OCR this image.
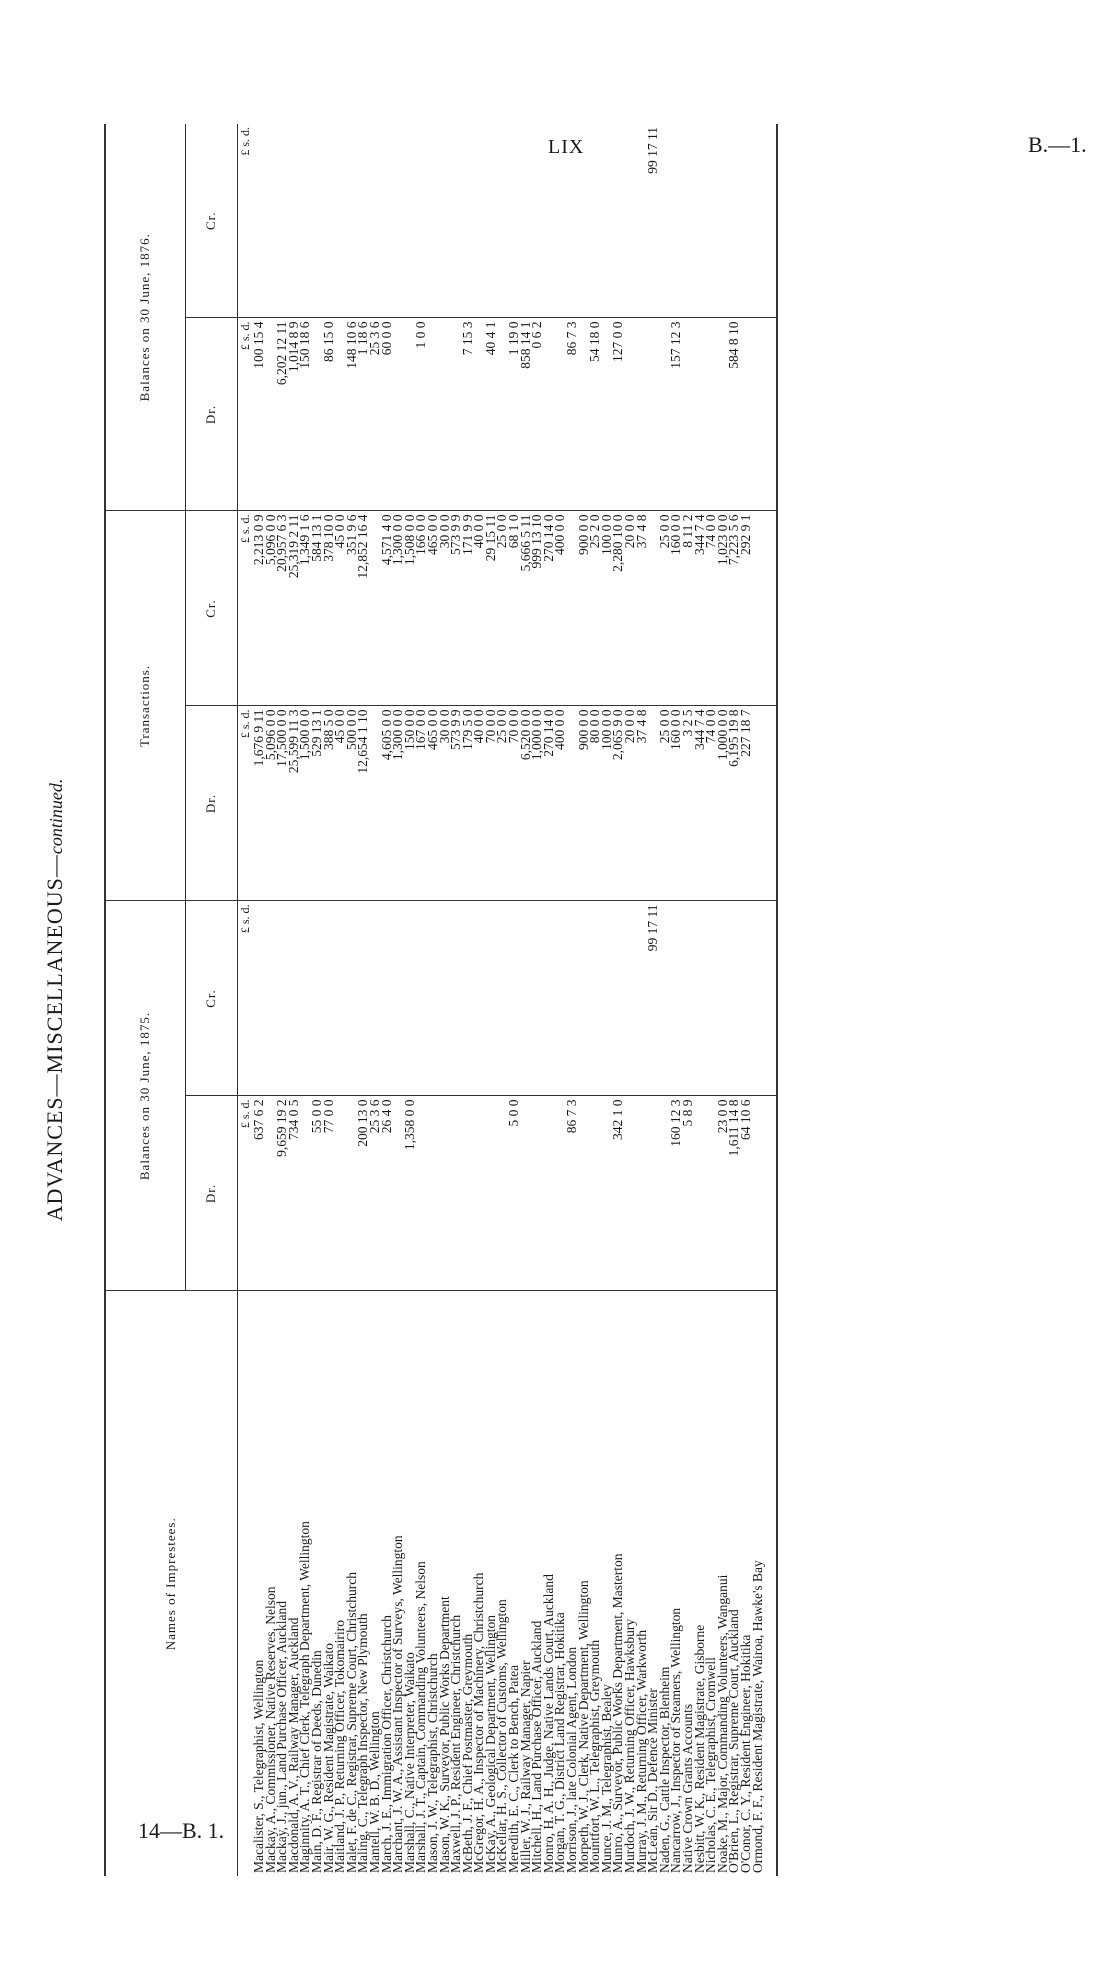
LIX	B.—1.
14—B. 1.
ADVANCES—MISCELLANEOUS—continued.
Names of Imprestees.	Balances on 30 June, 1875.		Transactions.		Balances on 30 June, 1876.	
	Dr.	Cr.	Dr.	Cr.	Dr.	Cr.
	£ s. d.	£ s. d.	£ s. d.	£ s. d.	£ s. d.	£ s. d.
Macalister, S., Telegraphist, Wellington	637 6 2		1,676 9 11	2,213 0 9	100 15 4	
Mackay, A., Commissioner, Native Reserves, Nelson			5,096 0 0	5,096 0 0		
Mackay, J., jun., Land Purchase Officer, Auckland	9,659 19 2		17,500 0 0	20,957 6 3	6,202 12 11	
Macdonald, A. V., Railway Manager, Auckland	734 0 5		25,599 11 3	25,319 2 11	1,014 8 9	
Maginnity, A. T., Chief Clerk, Telegraph Department, Wellington			1,500 0 0	1,349 1 6	150 18 6	
Main, D. F., Registrar of Deeds, Dunedin	55 0 0		529 13 1	584 13 1		
Mair, W. G., Resident Magistrate, Waikato	77 0 0		388 5 0	378 10 0	86 15 0	
Maitland, J. P., Returning Officer, Tokomairiro			45 0 0	45 0 0		
Malet, F. de C., Registrar, Supreme Court, Christchurch			500 0 0	351 9 6	148 10 6	
Maling, C., Telegraph Inspector, New Plymouth	200 13 0		12,654 1 10	12,852 16 4	1 18 6	
Mantell, W. B. D., Wellington	25 3 6				25 3 6	
March, J. E., Immigration Officer, Christchurch	26 4 0		4,605 0 0	4,571 4 0	60 0 0	
Marchant, J. W. A., Assistant Inspector of Surveys, Wellington			1,300 0 0	1,300 0 0		
Marshall, C., Native Interpreter, Waikato	1,358 0 0		150 0 0	1,508 0 0		
Marshall, J. T., Captain, Commanding Volunteers, Nelson			167 0 0	166 0 0	1 0 0	
Mason, J. W., Telegraphist, Christchurch			465 0 0	465 0 0		
Mason, W. K., Surveyor, Public Works Department			30 0 0	30 0 0		
Maxwell, J. P., Resident Engineer, Christchurch			573 9 9	573 9 9		
McBeth, J. F., Chief Postmaster, Greymouth			179 5 0	171 9 9	7 15 3	
McGregor, H. A., Inspector of Machinery, Christchurch			40 0 0	40 0 0		
McKay, A., Geological Department, Wellington			70 0 0	29 15 11	40 4 1	
McKellar, H. S., Collector of Customs, Wellington			25 0 0	25 0 0		
Meredith, E. C., Clerk to Bench, Patea	5 0 0		70 0 0	68 1 0	1 19 0	
Miller, W. J., Railway Manager, Napier			6,520 0 0	5,666 5 11	858 14 1	
Mitchell, H., Land Purchase Officer, Auckland			1,000 0 0	999 13 10	0 6 2	
Monro, H. A. H., Judge, Native Lands Court, Auckland			270 14 0	270 14 0		
Morgan, T. G., District Land Registrar, Hokitika			400 0 0	400 0 0		
Morrison, J., late Colonial Agent, London	86 7 3				86 7 3	
Morpeth, W. J., Clerk, Native Department, Wellington			900 0 0	900 0 0		
Mountfort, W. L., Telegraphist, Greymouth			80 0 0	25 2 0	54 18 0	
Munce, J. M., Telegraphist, Bealey			100 0 0	100 0 0		
Munro, A., Surveyor, Public Works Department, Masterton	342 1 0		2,065 9 0	2,280 10 0	127 0 0	
Murdoch, J. W., Returning Officer, Hawksbury			20 0 0	20 0 0		
Murray, J. M., Returning Officer, Warkworth			37 4 8	37 4 8		
McLean, Sir D., Defence Minister		99 17 11				99 17 11
Naden, G., Cattle Inspector, Blenheim			25 0 0	25 0 0		
Nancarrow, J., Inspector of Steamers, Wellington	160 12 3		160 0 0	160 0 0	157 12 3	
Native Crown Grants Accounts	5 8 9		3 2 5	8 11 2		
Nesbitt, W. K., Resident Magistrate, Gisborne			344 7 4	344 7 4		
Nicholas, C. E., Telegraphist, Cromwell			74 0 0	74 0 0		
Noake, M., Major, Commanding Volunteers, Wanganui	23 0 0		1,000 0 0	1,023 0 0		
O'Brien, L., Registrar, Supreme Court, Auckland	1,611 14 8		6,195 19 8	7,223 5 6	584 8 10	
O'Conor, C. Y., Resident Engineer, Hokitika	64 10 6		227 18 7	292 9 1		
Ormond, F. F., Resident Magistrate, Wairoa, Hawke's Bay						
